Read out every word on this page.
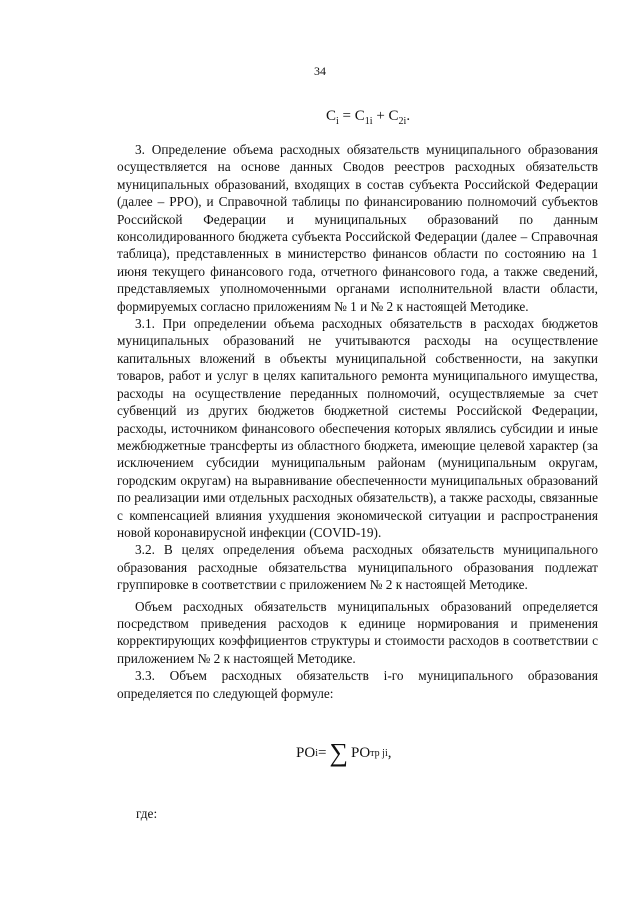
34
$C_i = C_{1i} + C_{2i}$.

3. Определение объема расходных обязательств муниципального образования осуществляется на основе данных Сводов реестров расходных обязательств муниципальных образований, входящих в состав субъекта Российской Федерации (далее – РРО), и Справочной таблицы по финансированию полномочий субъектов Российской Федерации и муниципальных образований по данным консолидированного бюджета субъекта Российской Федерации (далее – Справочная таблица), представленных в министерство финансов области по состоянию на 1 июня текущего финансового года, отчетного финансового года, а также сведений, представляемых уполномоченными органами исполнительной власти области, формируемых согласно приложениям № 1 и № 2 к настоящей Методике.

3.1. При определении объема расходных обязательств в расходах бюджетов муниципальных образований не учитываются расходы на осуществление капитальных вложений в объекты муниципальной собственности, на закупки товаров, работ и услуг в целях капитального ремонта муниципального имущества, расходы на осуществление переданных полномочий, осуществляемые за счет субвенций из других бюджетов бюджетной системы Российской Федерации, расходы, источником финансового обеспечения которых являлись субсидии и иные межбюджетные трансферты из областного бюджета, имеющие целевой характер (за исключением субсидии муниципальным районам (муниципальным округам, городским округам) на выравнивание обеспеченности муниципальных образований по реализации ими отдельных расходных обязательств), а также расходы, связанные с компенсацией влияния ухудшения экономической ситуации и распространения новой коронавирусной инфекции (COVID-19).

3.2. В целях определения объема расходных обязательств муниципального образования расходные обязательства муниципального образования подлежат группировке в соответствии с приложением № 2 к настоящей Методике.

Объем расходных обязательств муниципальных образований определяется посредством приведения расходов к единице нормирования и применения корректирующих коэффициентов структуры и стоимости расходов в соответствии с приложением № 2 к настоящей Методике.

3.3. Объем расходных обязательств i-го муниципального образования определяется по следующей формуле:

PO i = ∑ PO тр ji ,
где:
